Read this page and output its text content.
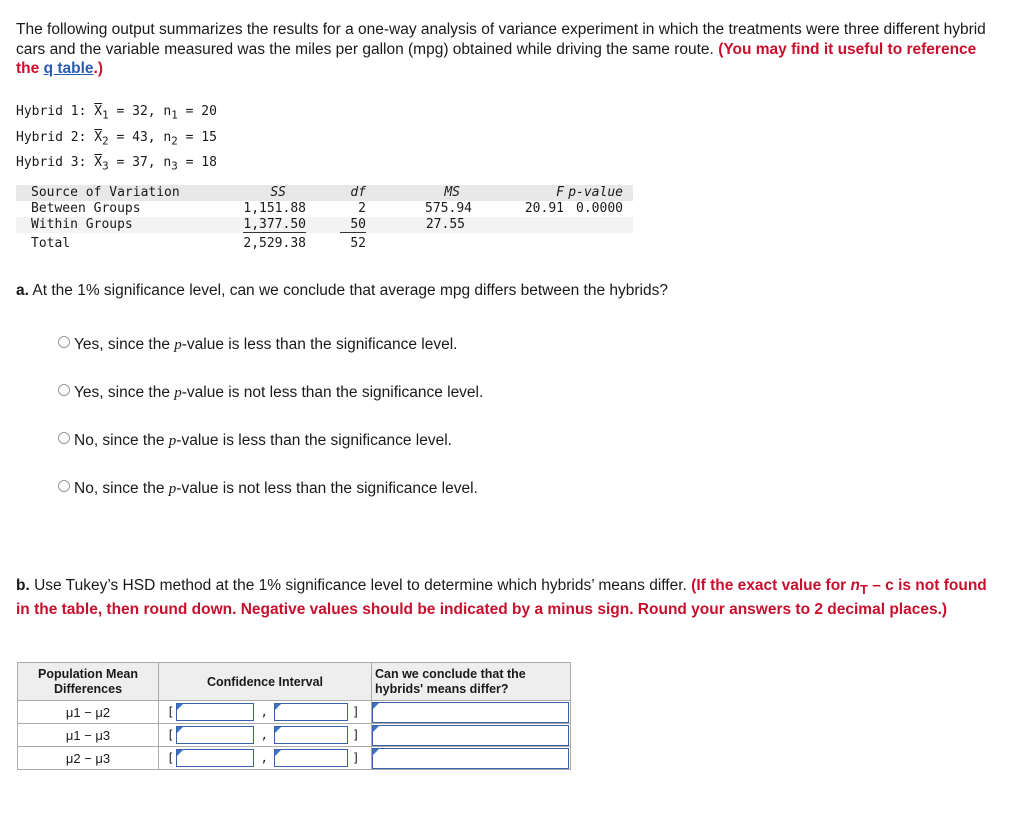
The following output summarizes the results for a one-way analysis of variance experiment in which the treatments were three different hybrid cars and the variable measured was the miles per gallon (mpg) obtained while driving the same route. (You may find it useful to reference the q table.)
Hybrid 1: $\overline{X}_1 = 32$, $n_1 = 20$
Hybrid 2: $\overline{X}_2 = 43$, $n_2 = 15$
Hybrid 3: $\overline{X}_3 = 37$, $n_3 = 18$
Source of Variation	SS	df	MS	F	p-value
Between Groups	1,151.88	2	575.94	20.91	0.0000
Within Groups	1,377.50	50	27.55		
Total	2,529.38	52			
a. At the 1% significance level, can we conclude that average mpg differs between the hybrids?
Yes, since the
p -value is less than the significance level.
Yes, since the
p -value is not less than the significance level.
No, since the
p -value is less than the significance level.
No, since the
p -value is not less than the significance level.
b. Use Tukey’s HSD method at the 1% significance level to determine which hybrids’ means differ. (If the exact value for $n_T$ – c is not found in the table, then round down. Negative values should be indicated by a minus sign. Round your answers to 2 decimal places.)
Population Mean Differences	Confidence Interval	Can we conclude that the hybrids' means differ?
μ1 − μ2	[ , ]	

μ1 − μ3	[ , ]	

μ2 − μ3	[ , ]	
